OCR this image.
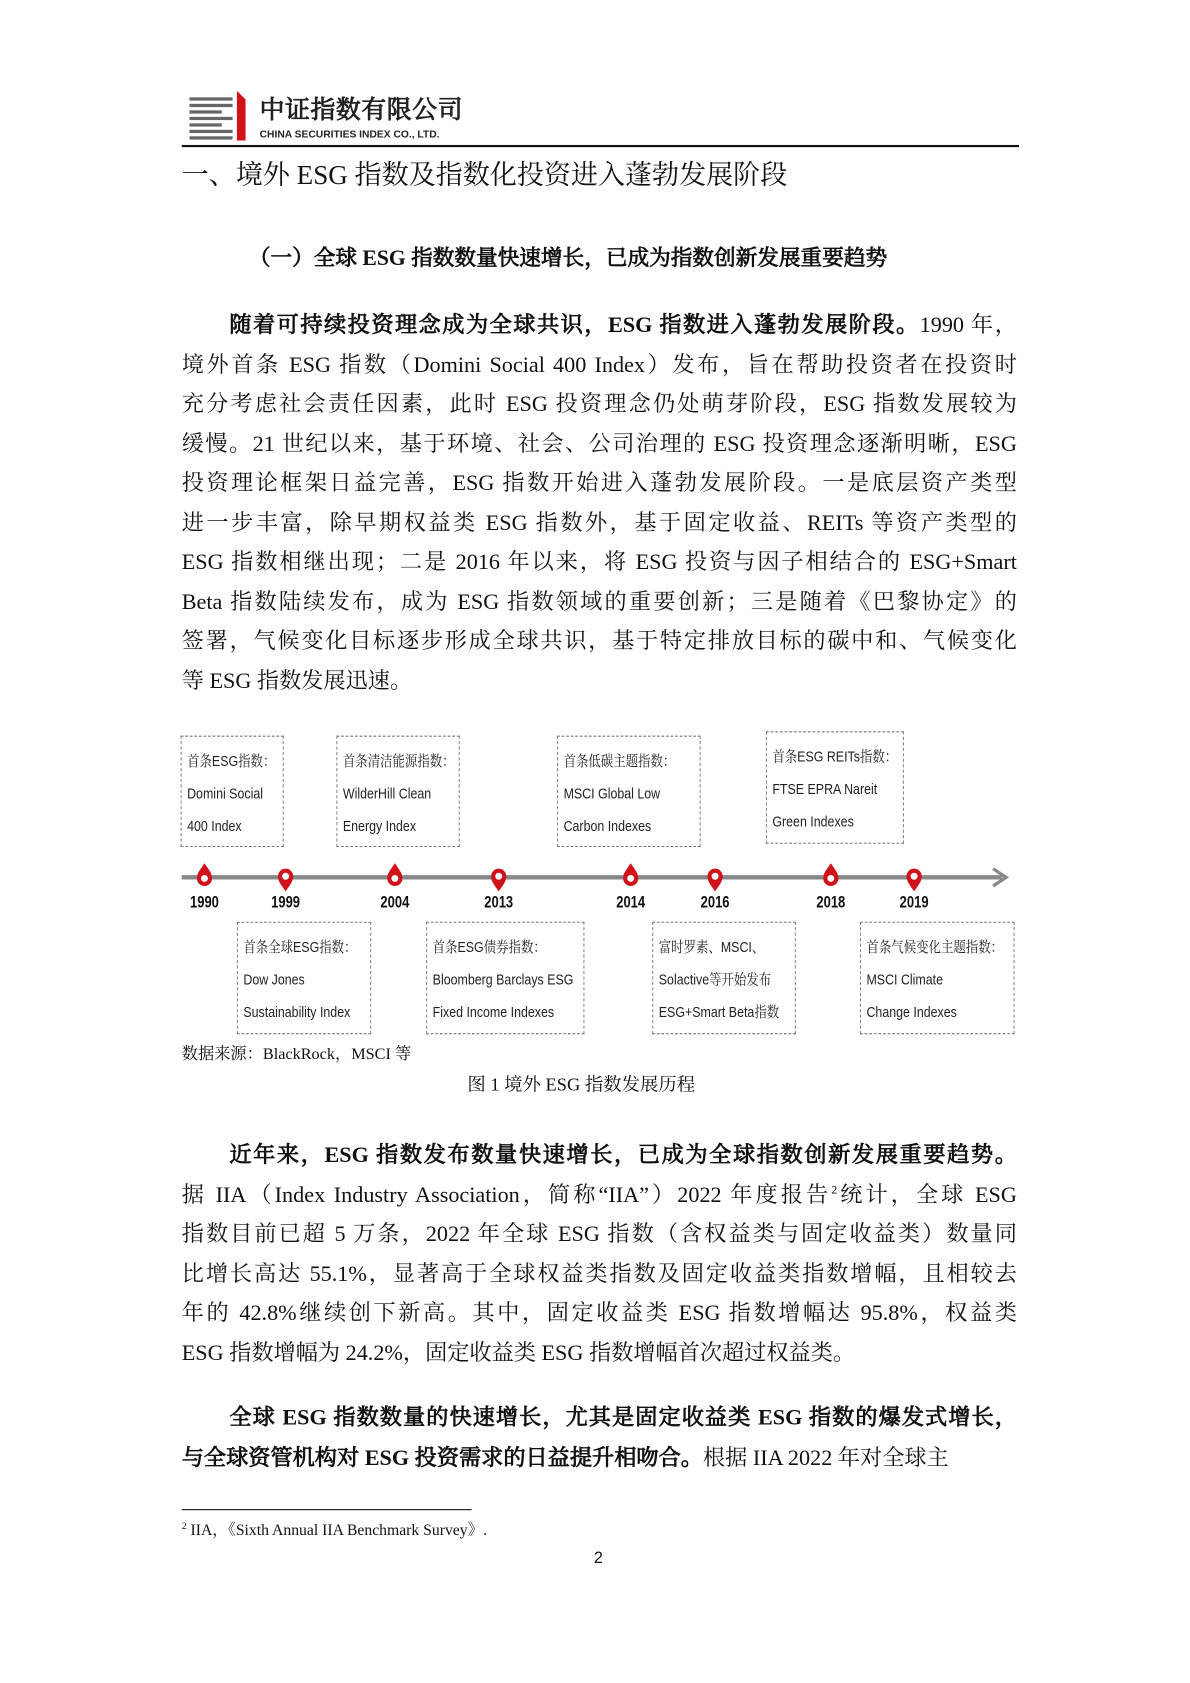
中证指数有限公司
CHINA SECURITIES INDEX CO., LTD.
一、境外 ESG 指数及指数化投资进入蓬勃发展阶段
（一）全球 ESG 指数数量快速增长，已成为指数创新发展重要趋势
随着可持续投资理念成为全球共识，ESG 指数进入蓬勃发展阶段。1990 年，
境外首条 ESG 指数（Domini Social 400 Index）发布，旨在帮助投资者在投资时
充分考虑社会责任因素，此时 ESG 投资理念仍处萌芽阶段，ESG 指数发展较为
缓慢。21 世纪以来，基于环境、社会、公司治理的 ESG 投资理念逐渐明晰，ESG
投资理论框架日益完善，ESG 指数开始进入蓬勃发展阶段。一是底层资产类型
进一步丰富，除早期权益类 ESG 指数外，基于固定收益、REITs 等资产类型的
ESG 指数相继出现；二是 2016 年以来，将 ESG 投资与因子相结合的 ESG+Smart
Beta 指数陆续发布，成为 ESG 指数领域的重要创新；三是随着《巴黎协定》的
签署，气候变化目标逐步形成全球共识，基于特定排放目标的碳中和、气候变化
等 ESG 指数发展迅速。
近年来，ESG 指数发布数量快速增长，已成为全球指数创新发展重要趋势。
据 IIA（Index Industry Association，简称“IIA”）2022 年度报告$^2$统计，全球 ESG
指数目前已超 5 万条，2022 年全球 ESG 指数（含权益类与固定收益类）数量同
比增长高达 55.1%，显著高于全球权益类指数及固定收益类指数增幅，且相较去
年的 42.8%继续创下新高。其中，固定收益类 ESG 指数增幅达 95.8%，权益类
ESG 指数增幅为 24.2%，固定收益类 ESG 指数增幅首次超过权益类。
全球 ESG 指数数量的快速增长，尤其是固定收益类 ESG 指数的爆发式增长，
与全球资管机构对 ESG 投资需求的日益提升相吻合。根据 IIA 2022 年对全球主
1990
首条ESG指数：
Domini Social
400 Index
1999
首条全球ESG指数：
Dow Jones
Sustainability Index
2004
首条清洁能源指数：
WilderHill Clean
Energy Index
2013
首条ESG债券指数：
Bloomberg Barclays ESG
Fixed Income Indexes
2014
首条低碳主题指数：
MSCI Global Low
Carbon Indexes
2016
富时罗素、MSCI、
Solactive等开始发布
ESG+Smart Beta指数
2018
首条ESG REITs指数：
FTSE EPRA Nareit
Green Indexes
2019
首条气候变化主题指数：
MSCI Climate
Change Indexes
数据来源：BlackRock，MSCI 等
图 1 境外 ESG 指数发展历程
$^2$ IIA，《Sixth Annual IIA Benchmark Survey》.
2
